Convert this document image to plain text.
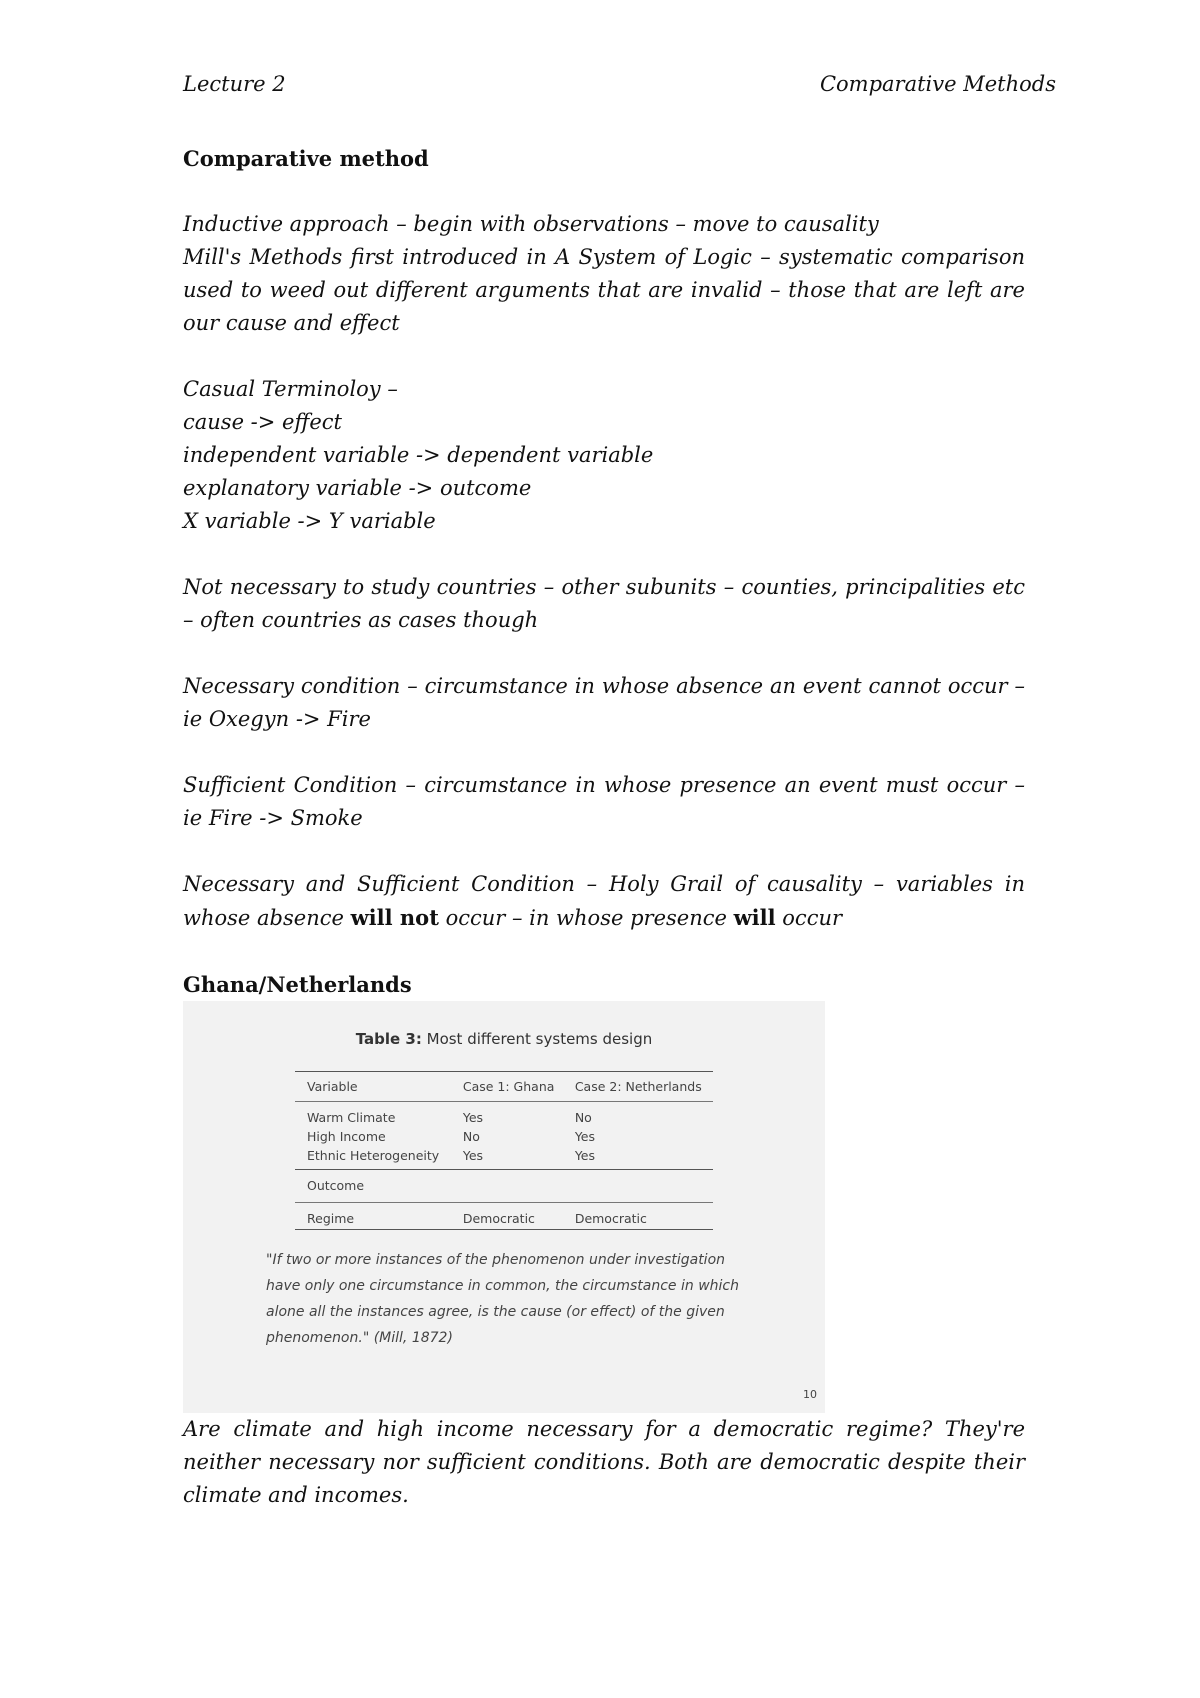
Lecture 2	Comparative Methods
Comparative method

Inductive approach – begin with observations – move to causality
Mill's Methods first introduced in A System of Logic – systematic comparison used to weed out different arguments that are invalid – those that are left are our cause and effect

Casual Terminoloy –
cause -> effect
independent variable -> dependent variable
explanatory variable -> outcome
X variable -> Y variable

Not necessary to study countries – other subunits – counties, principalities etc – often countries as cases though

Necessary condition – circumstance in whose absence an event cannot occur – ie Oxegyn -> Fire

Sufficient Condition – circumstance in whose presence an event must occur – ie Fire -> Smoke

Necessary and Sufficient Condition – Holy Grail of causality – variables in whose absence will not occur – in whose presence will occur

Ghana/Netherlands
Table 3: Most different systems design
Variable	Case 1: Ghana	Case 2: Netherlands
Warm Climate	Yes	No
High Income	No	Yes
Ethnic Heterogeneity	Yes	Yes
Outcome		
Regime	Democratic	Democratic
"If two or more instances of the phenomenon under investigation have only one circumstance in common, the circumstance in which alone all the instances agree, is the cause (or effect) of the given phenomenon." (Mill, 1872)
10

Are climate and high income necessary for a democratic regime? They're neither necessary nor sufficient conditions. Both are democratic despite their climate and incomes.
